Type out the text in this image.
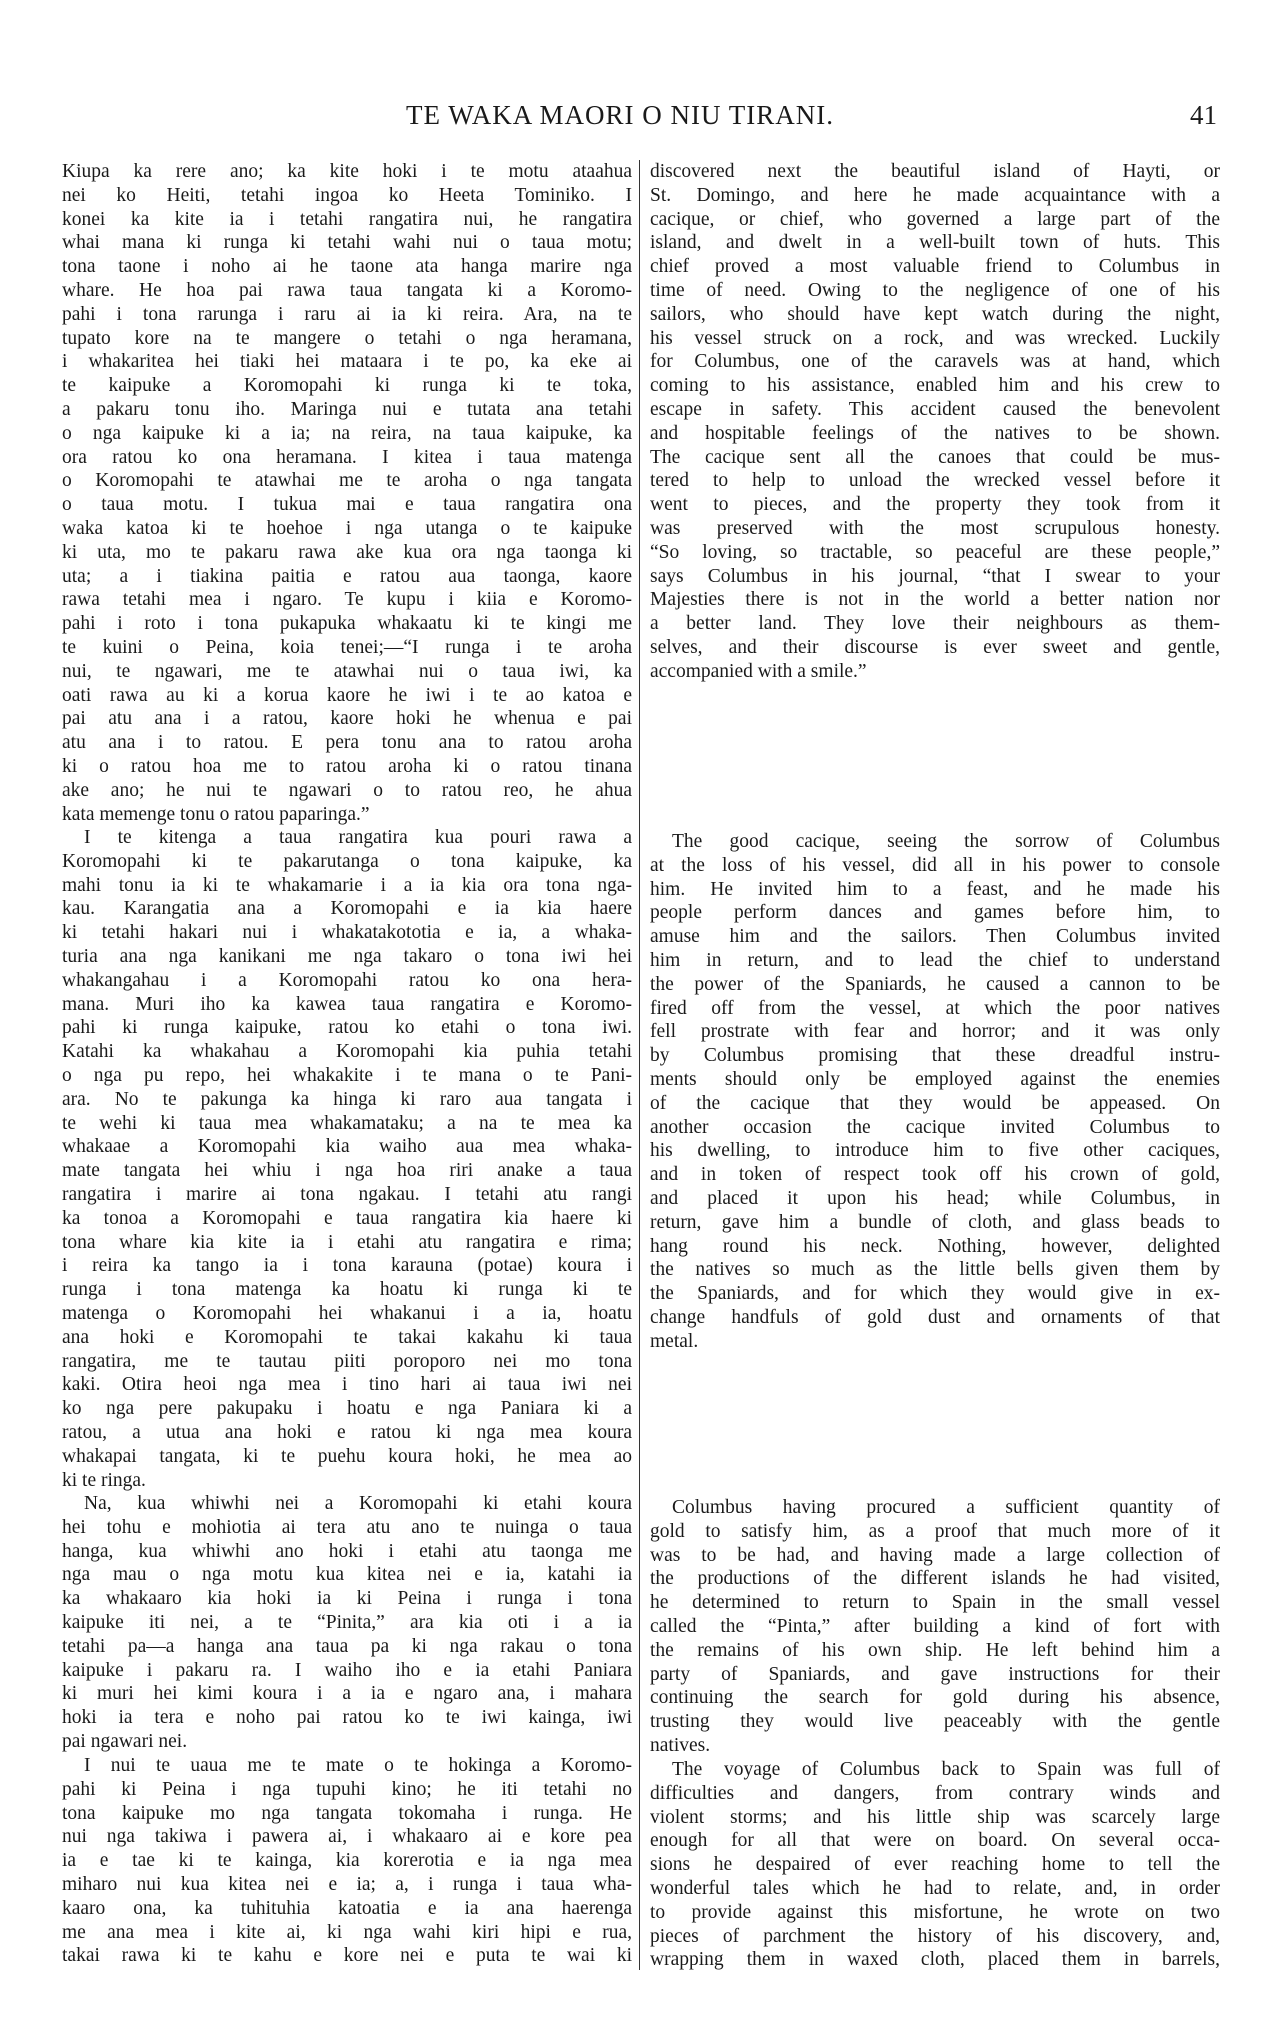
TE WAKA MAORI O NIU TIRANI.	41
Kiupa ka rere ano; ka kite hoki i te motu ataahua
nei ko Heiti, tetahi ingoa ko Heeta Tominiko. I
konei ka kite ia i tetahi rangatira nui, he rangatira
whai mana ki runga ki tetahi wahi nui o taua motu;
tona taone i noho ai he taone ata hanga marire nga
whare. He hoa pai rawa taua tangata ki a Koromo-
pahi i tona rarunga i raru ai ia ki reira. Ara, na te
tupato kore na te mangere o tetahi o nga heramana,
i whakaritea hei tiaki hei mataara i te po, ka eke ai
te kaipuke a Koromopahi ki runga ki te toka,
a pakaru tonu iho. Maringa nui e tutata ana tetahi
o nga kaipuke ki a ia; na reira, na taua kaipuke, ka
ora ratou ko ona heramana. I kitea i taua matenga
o Koromopahi te atawhai me te aroha o nga tangata
o taua motu. I tukua mai e taua rangatira ona
waka katoa ki te hoehoe i nga utanga o te kaipuke
ki uta, mo te pakaru rawa ake kua ora nga taonga ki
uta; a i tiakina paitia e ratou aua taonga, kaore
rawa tetahi mea i ngaro. Te kupu i kiia e Koromo-
pahi i roto i tona pukapuka whakaatu ki te kingi me
te kuini o Peina, koia tenei;—“I runga i te aroha
nui, te ngawari, me te atawhai nui o taua iwi, ka
oati rawa au ki a korua kaore he iwi i te ao katoa e
pai atu ana i a ratou, kaore hoki he whenua e pai
atu ana i to ratou. E pera tonu ana to ratou aroha
ki o ratou hoa me to ratou aroha ki o ratou tinana
ake ano; he nui te ngawari o to ratou reo, he ahua
kata memenge tonu o ratou paparinga.”
I te kitenga a taua rangatira kua pouri rawa a
Koromopahi ki te pakarutanga o tona kaipuke, ka
mahi tonu ia ki te whakamarie i a ia kia ora tona nga-
kau. Karangatia ana a Koromopahi e ia kia haere
ki tetahi hakari nui i whakatakototia e ia, a whaka-
turia ana nga kanikani me nga takaro o tona iwi hei
whakangahau i a Koromopahi ratou ko ona hera-
mana. Muri iho ka kawea taua rangatira e Koromo-
pahi ki runga kaipuke, ratou ko etahi o tona iwi.
Katahi ka whakahau a Koromopahi kia puhia tetahi
o nga pu repo, hei whakakite i te mana o te Pani-
ara. No te pakunga ka hinga ki raro aua tangata i
te wehi ki taua mea whakamataku; a na te mea ka
whakaae a Koromopahi kia waiho aua mea whaka-
mate tangata hei whiu i nga hoa riri anake a taua
rangatira i marire ai tona ngakau. I tetahi atu rangi
ka tonoa a Koromopahi e taua rangatira kia haere ki
tona whare kia kite ia i etahi atu rangatira e rima;
i reira ka tango ia i tona karauna (potae) koura i
runga i tona matenga ka hoatu ki runga ki te
matenga o Koromopahi hei whakanui i a ia, hoatu
ana hoki e Koromopahi te takai kakahu ki taua
rangatira, me te tautau piiti poroporo nei mo tona
kaki. Otira heoi nga mea i tino hari ai taua iwi nei
ko nga pere pakupaku i hoatu e nga Paniara ki a
ratou, a utua ana hoki e ratou ki nga mea koura
whakapai tangata, ki te puehu koura hoki, he mea ao
ki te ringa.
Na, kua whiwhi nei a Koromopahi ki etahi koura
hei tohu e mohiotia ai tera atu ano te nuinga o taua
hanga, kua whiwhi ano hoki i etahi atu taonga me
nga mau o nga motu kua kitea nei e ia, katahi ia
ka whakaaro kia hoki ia ki Peina i runga i tona
kaipuke iti nei, a te “Pinita,” ara kia oti i a ia
tetahi pa—a hanga ana taua pa ki nga rakau o tona
kaipuke i pakaru ra. I waiho iho e ia etahi Paniara
ki muri hei kimi koura i a ia e ngaro ana, i mahara
hoki ia tera e noho pai ratou ko te iwi kainga, iwi
pai ngawari nei.
I nui te uaua me te mate o te hokinga a Koromo-
pahi ki Peina i nga tupuhi kino; he iti tetahi no
tona kaipuke mo nga tangata tokomaha i runga. He
nui nga takiwa i pawera ai, i whakaaro ai e kore pea
ia e tae ki te kainga, kia korerotia e ia nga mea
miharo nui kua kitea nei e ia; a, i runga i taua wha-
kaaro ona, ka tuhituhia katoatia e ia ana haerenga
me ana mea i kite ai, ki nga wahi kiri hipi e rua,
takai rawa ki te kahu e kore nei e puta te wai ki
discovered next the beautiful island of Hayti, or
St. Domingo, and here he made acquaintance with a
cacique, or chief, who governed a large part of the
island, and dwelt in a well-built town of huts. This
chief proved a most valuable friend to Columbus in
time of need. Owing to the negligence of one of his
sailors, who should have kept watch during the night,
his vessel struck on a rock, and was wrecked. Luckily
for Columbus, one of the caravels was at hand, which
coming to his assistance, enabled him and his crew to
escape in safety. This accident caused the benevolent
and hospitable feelings of the natives to be shown.
The cacique sent all the canoes that could be mus-
tered to help to unload the wrecked vessel before it
went to pieces, and the property they took from it
was preserved with the most scrupulous honesty.
“So loving, so tractable, so peaceful are these people,”
says Columbus in his journal, “that I swear to your
Majesties there is not in the world a better nation nor
a better land. They love their neighbours as them-
selves, and their discourse is ever sweet and gentle,
accompanied with a smile.”
The good cacique, seeing the sorrow of Columbus
at the loss of his vessel, did all in his power to console
him. He invited him to a feast, and he made his
people perform dances and games before him, to
amuse him and the sailors. Then Columbus invited
him in return, and to lead the chief to understand
the power of the Spaniards, he caused a cannon to be
fired off from the vessel, at which the poor natives
fell prostrate with fear and horror; and it was only
by Columbus promising that these dreadful instru-
ments should only be employed against the enemies
of the cacique that they would be appeased. On
another occasion the cacique invited Columbus to
his dwelling, to introduce him to five other caciques,
and in token of respect took off his crown of gold,
and placed it upon his head; while Columbus, in
return, gave him a bundle of cloth, and glass beads to
hang round his neck. Nothing, however, delighted
the natives so much as the little bells given them by
the Spaniards, and for which they would give in ex-
change handfuls of gold dust and ornaments of that
metal.
Columbus having procured a sufficient quantity of
gold to satisfy him, as a proof that much more of it
was to be had, and having made a large collection of
the productions of the different islands he had visited,
he determined to return to Spain in the small vessel
called the “Pinta,” after building a kind of fort with
the remains of his own ship. He left behind him a
party of Spaniards, and gave instructions for their
continuing the search for gold during his absence,
trusting they would live peaceably with the gentle
natives.
The voyage of Columbus back to Spain was full of
difficulties and dangers, from contrary winds and
violent storms; and his little ship was scarcely large
enough for all that were on board. On several occa-
sions he despaired of ever reaching home to tell the
wonderful tales which he had to relate, and, in order
to provide against this misfortune, he wrote on two
pieces of parchment the history of his discovery, and,
wrapping them in waxed cloth, placed them in barrels,
